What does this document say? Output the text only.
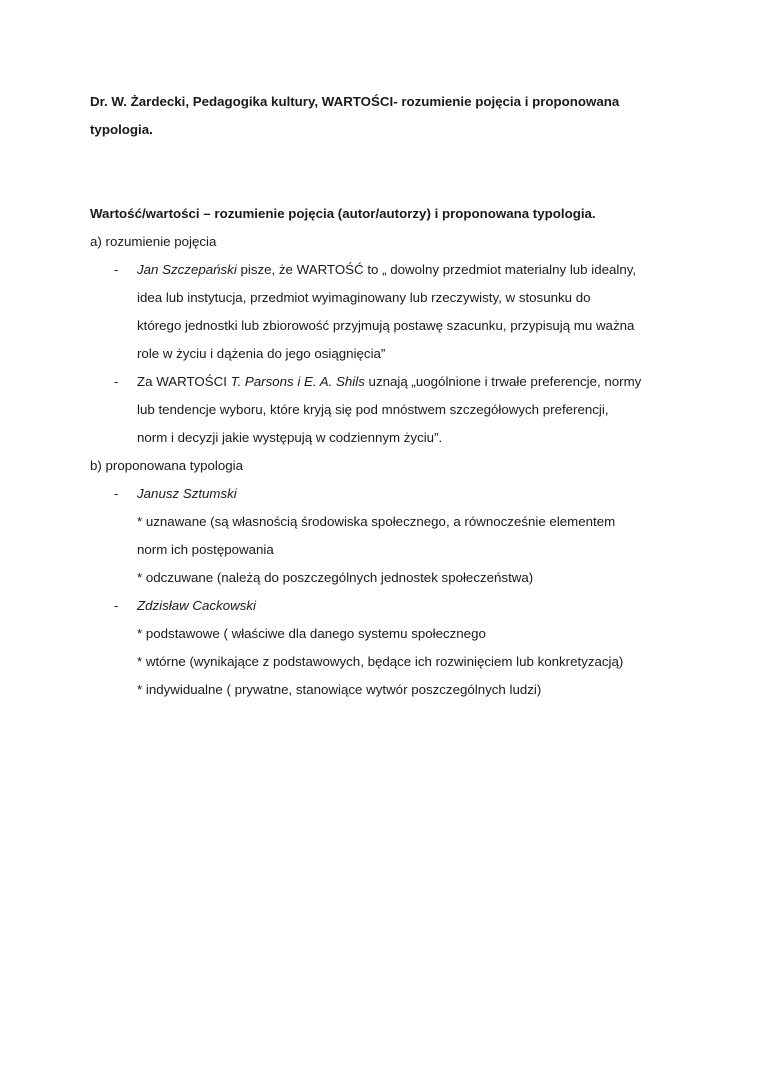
Dr. W. Żardecki, Pedagogika kultury, WARTOŚCI- rozumienie pojęcia i proponowana
typologia.
Wartość/wartości – rozumienie pojęcia (autor/autorzy) i proponowana typologia.
a) rozumienie pojęcia
- Jan Szczepański pisze, że WARTOŚĆ to „ dowolny przedmiot materialny lub idealny,
idea lub instytucja, przedmiot wyimaginowany lub rzeczywisty, w stosunku do
którego jednostki lub zbiorowość przyjmują postawę szacunku, przypisują mu ważna
role w życiu i dążenia do jego osiągnięcia”
- Za WARTOŚCI T. Parsons i E. A. Shils uznają „uogólnione i trwałe preferencje, normy
lub tendencje wyboru, które kryją się pod mnóstwem szczegółowych preferencji,
norm i decyzji jakie występują w codziennym życiu”.
b) proponowana typologia
- Janusz Sztumski
* uznawane (są własnością środowiska społecznego, a równocześnie elementem
norm ich postępowania
* odczuwane (należą do poszczególnych jednostek społeczeństwa)
- Zdzisław Cackowski
* podstawowe ( właściwe dla danego systemu społecznego
* wtórne (wynikające z podstawowych, będące ich rozwinięciem lub konkretyzacją)
* indywidualne ( prywatne, stanowiące wytwór poszczególnych ludzi)
